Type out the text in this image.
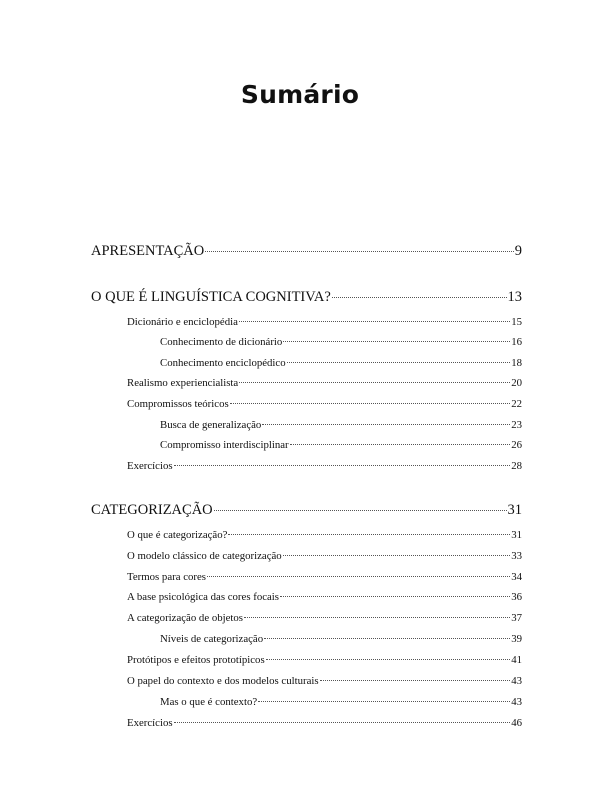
Sumário
APRESENTAÇÃO	9
O QUE É LINGUÍSTICA COGNITIVA?	13
Dicionário e enciclopédia	15
Conhecimento de dicionário	16
Conhecimento enciclopédico	18
Realismo experiencialista	20
Compromissos teóricos	22
Busca de generalização	23
Compromisso interdisciplinar	26
Exercícios	28
CATEGORIZAÇÃO	31
O que é categorização?	31
O modelo clássico de categorização	33
Termos para cores	34
A base psicológica das cores focais	36
A categorização de objetos	37
Níveis de categorização	39
Protótipos e efeitos prototípicos	41
O papel do contexto e dos modelos culturais	43
Mas o que é contexto?	43
Exercícios	46
